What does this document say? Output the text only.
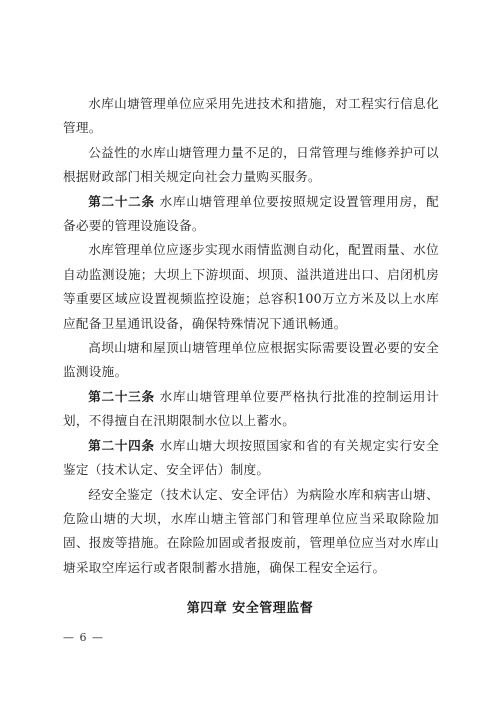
水库山塘管理单位应采用先进技术和措施，对工程实行信息化管理。

公益性的水库山塘管理力量不足的，日常管理与维修养护可以根据财政部门相关规定向社会力量购买服务。

第二十二条 水库山塘管理单位要按照规定设置管理用房，配备必要的管理设施设备。

水库管理单位应逐步实现水雨情监测自动化，配置雨量、水位自动监测设施；大坝上下游坝面、坝顶、溢洪道进出口、启闭机房等重要区域应设置视频监控设施；总容积100万立方米及以上水库应配备卫星通讯设备，确保特殊情况下通讯畅通。

高坝山塘和屋顶山塘管理单位应根据实际需要设置必要的安全监测设施。

第二十三条 水库山塘管理单位要严格执行批准的控制运用计划，不得擅自在汛期限制水位以上蓄水。

第二十四条 水库山塘大坝按照国家和省的有关规定实行安全鉴定（技术认定、安全评估）制度。

经安全鉴定（技术认定、安全评估）为病险水库和病害山塘、危险山塘的大坝，水库山塘主管部门和管理单位应当采取除险加固、报废等措施。在除险加固或者报废前，管理单位应当对水库山塘采取空库运行或者限制蓄水措施，确保工程安全运行。

第四章 安全管理监督
— 6 —
